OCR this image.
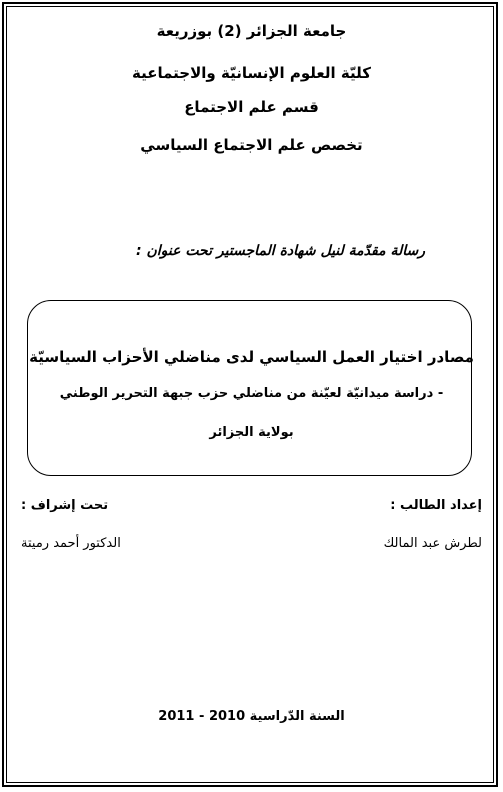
جامعة الجزائر (2) بوزريعة
كليّة العلوم الإنسانيّة والاجتماعية
قسم علم الاجتماع
تخصص علم الاجتماع السياسي
رسالة مقدّمة لنيل شهادة الماجستير تحت عنوان :
مصادر اختيار العمل السياسي لدى مناضلي الأحزاب السياسيّة
- دراسة ميدانيّة لعيّنة من مناضلي حزب جبهة التحرير الوطني
بولاية الجزائر
إعداد الطالب :
لطرش عبد المالك
تحت إشراف :
الدكتور أحمد رميتة
السنة الدّراسية 2010 - 2011
